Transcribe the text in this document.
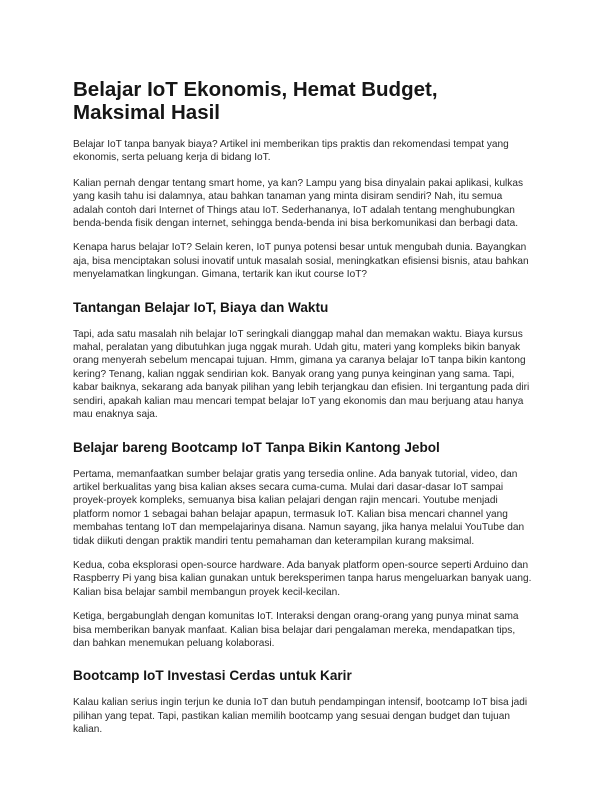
Belajar IoT Ekonomis, Hemat Budget, Maksimal Hasil

Belajar IoT tanpa banyak biaya? Artikel ini memberikan tips praktis dan rekomendasi tempat yang ekonomis, serta peluang kerja di bidang IoT.

Kalian pernah dengar tentang smart home, ya kan? Lampu yang bisa dinyalain pakai aplikasi, kulkas yang kasih tahu isi dalamnya, atau bahkan tanaman yang minta disiram sendiri? Nah, itu semua adalah contoh dari Internet of Things atau IoT. Sederhananya, IoT adalah tentang menghubungkan benda-benda fisik dengan internet, sehingga benda-benda ini bisa berkomunikasi dan berbagi data.

Kenapa harus belajar IoT? Selain keren, IoT punya potensi besar untuk mengubah dunia. Bayangkan aja, bisa menciptakan solusi inovatif untuk masalah sosial, meningkatkan efisiensi bisnis, atau bahkan menyelamatkan lingkungan. Gimana, tertarik kan ikut course IoT?

Tantangan Belajar IoT, Biaya dan Waktu

Tapi, ada satu masalah nih belajar IoT seringkali dianggap mahal dan memakan waktu. Biaya kursus mahal, peralatan yang dibutuhkan juga nggak murah. Udah gitu, materi yang kompleks bikin banyak orang menyerah sebelum mencapai tujuan. Hmm, gimana ya caranya belajar IoT tanpa bikin kantong kering? Tenang, kalian nggak sendirian kok. Banyak orang yang punya keinginan yang sama. Tapi, kabar baiknya, sekarang ada banyak pilihan yang lebih terjangkau dan efisien. Ini tergantung pada diri sendiri, apakah kalian mau mencari tempat belajar IoT yang ekonomis dan mau berjuang atau hanya mau enaknya saja.

Belajar bareng Bootcamp IoT Tanpa Bikin Kantong Jebol

Pertama, memanfaatkan sumber belajar gratis yang tersedia online. Ada banyak tutorial, video, dan artikel berkualitas yang bisa kalian akses secara cuma-cuma. Mulai dari dasar-dasar IoT sampai proyek-proyek kompleks, semuanya bisa kalian pelajari dengan rajin mencari. Youtube menjadi platform nomor 1 sebagai bahan belajar apapun, termasuk IoT. Kalian bisa mencari channel yang membahas tentang IoT dan mempelajarinya disana. Namun sayang, jika hanya melalui YouTube dan tidak diikuti dengan praktik mandiri tentu pemahaman dan keterampilan kurang maksimal.

Kedua, coba eksplorasi open-source hardware. Ada banyak platform open-source seperti Arduino dan Raspberry Pi yang bisa kalian gunakan untuk bereksperimen tanpa harus mengeluarkan banyak uang. Kalian bisa belajar sambil membangun proyek kecil-kecilan.

Ketiga, bergabunglah dengan komunitas IoT. Interaksi dengan orang-orang yang punya minat sama bisa memberikan banyak manfaat. Kalian bisa belajar dari pengalaman mereka, mendapatkan tips, dan bahkan menemukan peluang kolaborasi.

Bootcamp IoT Investasi Cerdas untuk Karir

Kalau kalian serius ingin terjun ke dunia IoT dan butuh pendampingan intensif, bootcamp IoT bisa jadi pilihan yang tepat. Tapi, pastikan kalian memilih bootcamp yang sesuai dengan budget dan tujuan kalian.
